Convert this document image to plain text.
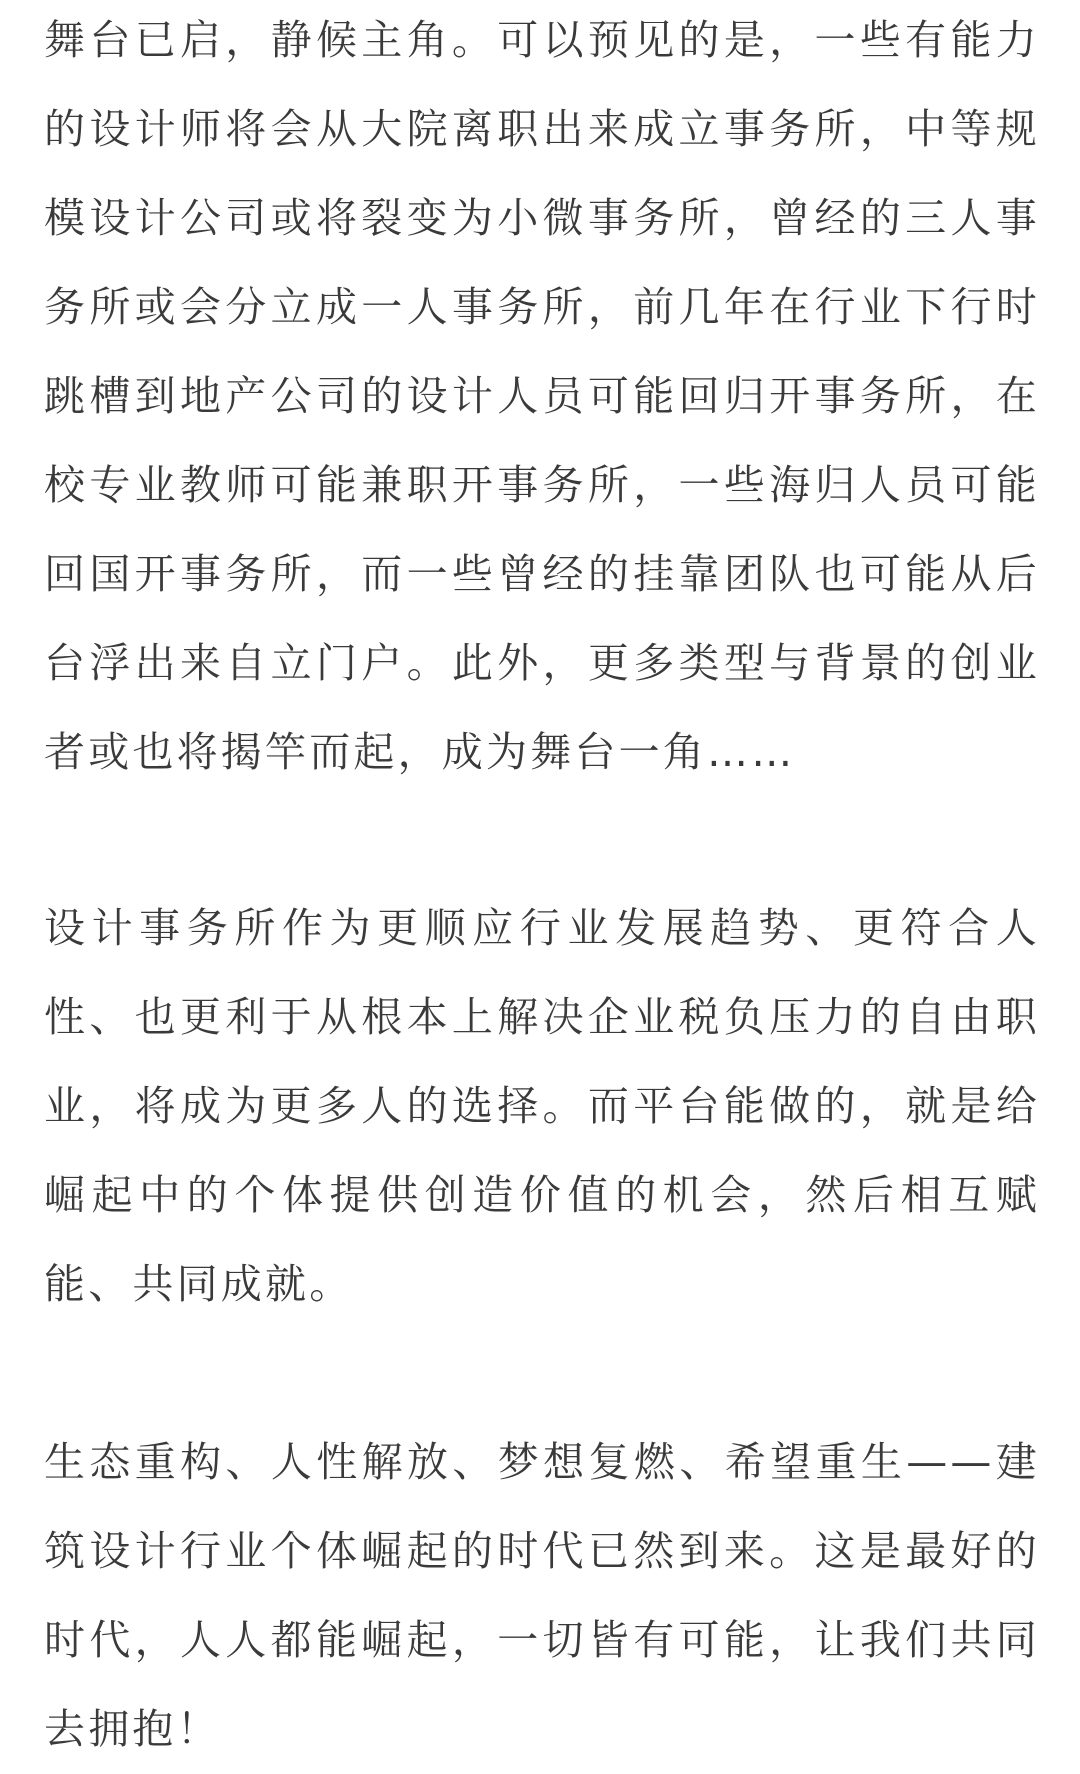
舞台已启，静候主角。可以预见的是，一些有能力的设计师将会从大院离职出来成立事务所，中等规模设计公司或将裂变为小微事务所，曾经的三人事务所或会分立成一人事务所，前几年在行业下行时跳槽到地产公司的设计人员可能回归开事务所，在校专业教师可能兼职开事务所，一些海归人员可能回国开事务所，而一些曾经的挂靠团队也可能从后台浮出来自立门户。此外，更多类型与背景的创业者或也将揭竿而起，成为舞台一角……

设计事务所作为更顺应行业发展趋势、更符合人性、也更利于从根本上解决企业税负压力的自由职业，将成为更多人的选择。而平台能做的，就是给崛起中的个体提供创造价值的机会，然后相互赋能、共同成就。

生态重构、人性解放、梦想复燃、希望重生——建筑设计行业个体崛起的时代已然到来。这是最好的时代，人人都能崛起，一切皆有可能，让我们共同去拥抱！
